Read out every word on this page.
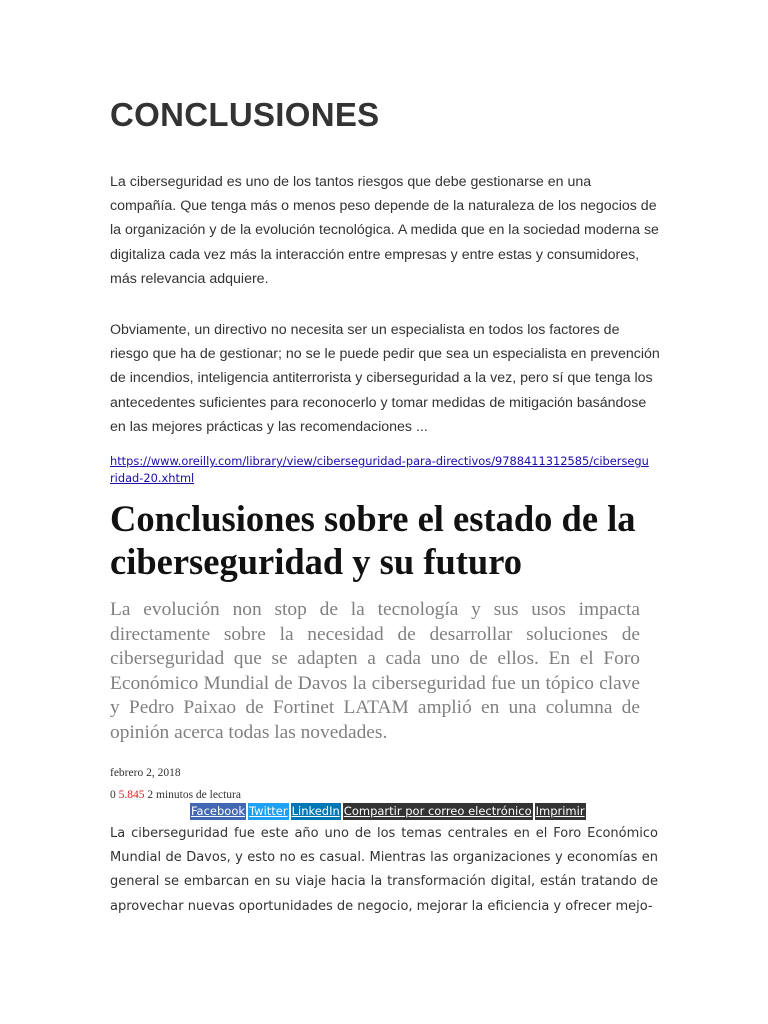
CONCLUSIONES

La ciberseguridad es uno de los tantos riesgos que debe gestionarse en una compañía. Que tenga más o menos peso depende de la naturaleza de los negocios de la organización y de la evolución tecnológica. A medida que en la sociedad moderna se digitaliza cada vez más la interacción entre empresas y entre estas y consumidores, más relevancia adquiere.

Obviamente, un directivo no necesita ser un especialista en todos los factores de riesgo que ha de gestionar; no se le puede pedir que sea un especialista en prevención de incendios, inteligencia antiterrorista y ciberseguridad a la vez, pero sí que tenga los antecedentes suficientes para reconocerlo y tomar medidas de mitigación basándose en las mejores prácticas y las recomendaciones ...

https://www.oreilly.com/library/view/ciberseguridad-para-directivos/9788411312585/ciberseguridad-20.xhtml
Conclusiones sobre el estado de la ciberseguridad y su futuro

La evolución non stop de la tecnología y sus usos impacta directamente sobre la necesidad de desarrollar soluciones de ciberseguridad que se adapten a cada uno de ellos. En el Foro Económico Mundial de Davos la ciberseguridad fue un tópico clave y Pedro Paixao de Fortinet LATAM amplió en una columna de opinión acerca todas las novedades.

febrero 2, 2018
0 5.845 2 minutos de lectura
Facebook Twitter LinkedIn Compartir por correo electrónico Imprimir

La ciberseguridad fue este año uno de los temas centrales en el Foro Económico Mundial de Davos, y esto no es casual. Mientras las organizaciones y economías en general se embarcan en su viaje hacia la transformación digital, están tratando de aprovechar nuevas oportunidades de negocio, mejorar la eficiencia y ofrecer mejo-
